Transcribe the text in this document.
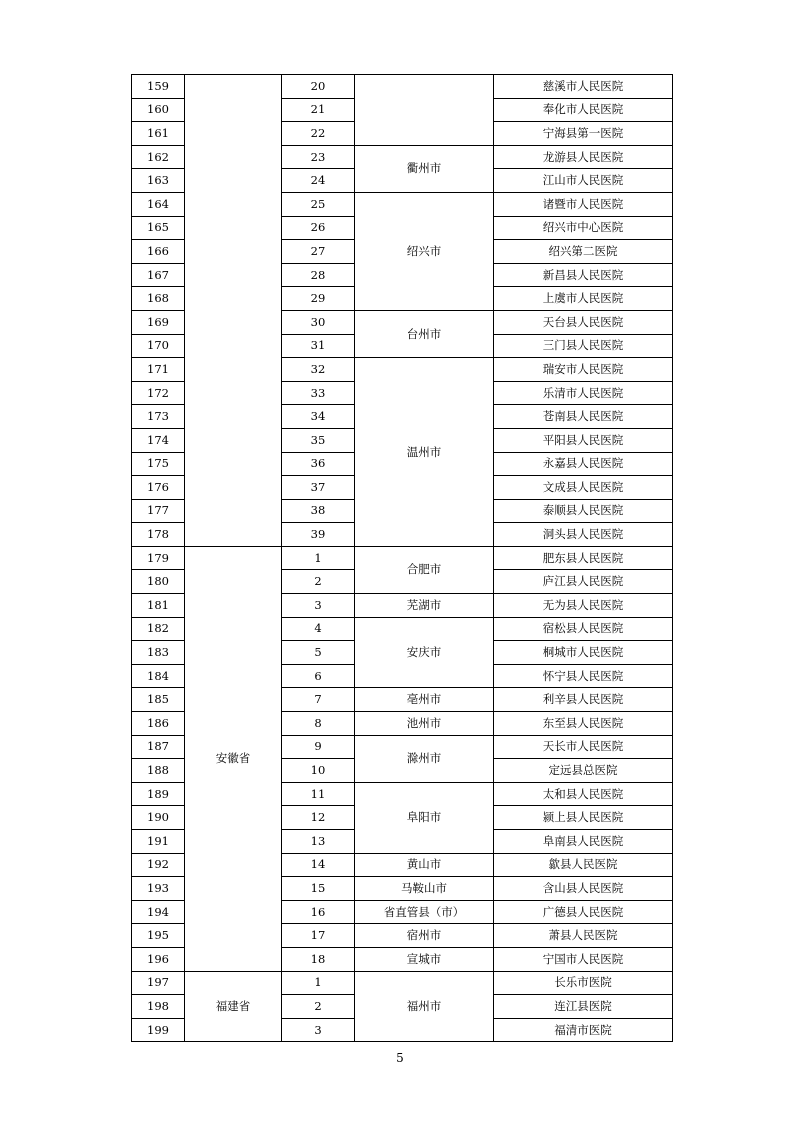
159		20		慈溪市人民医院
160		21		奉化市人民医院
161		22		宁海县第一医院
162		23	衢州市	龙游县人民医院
163		24		江山市人民医院
164		25	绍兴市	诸暨市人民医院
165		26		绍兴市中心医院
166		27		绍兴第二医院
167		28		新昌县人民医院
168		29		上虞市人民医院
169		30	台州市	天台县人民医院
170		31		三门县人民医院
171		32	温州市	瑞安市人民医院
172		33		乐清市人民医院
173		34		苍南县人民医院
174		35		平阳县人民医院
175		36		永嘉县人民医院
176		37		文成县人民医院
177		38		泰顺县人民医院
178		39		洞头县人民医院
179	安徽省	1	合肥市	肥东县人民医院
180		2		庐江县人民医院
181		3	芜湖市	无为县人民医院
182		4	安庆市	宿松县人民医院
183		5		桐城市人民医院
184		6		怀宁县人民医院
185		7	亳州市	利辛县人民医院
186		8	池州市	东至县人民医院
187		9	滁州市	天长市人民医院
188		10		定远县总医院
189		11	阜阳市	太和县人民医院
190		12		颍上县人民医院
191		13		阜南县人民医院
192		14	黄山市	歙县人民医院
193		15	马鞍山市	含山县人民医院
194		16	省直管县（市）	广德县人民医院
195		17	宿州市	萧县人民医院
196		18	宣城市	宁国市人民医院
197	福建省	1	福州市	长乐市医院
198		2		连江县医院
199		3		福清市医院
5
